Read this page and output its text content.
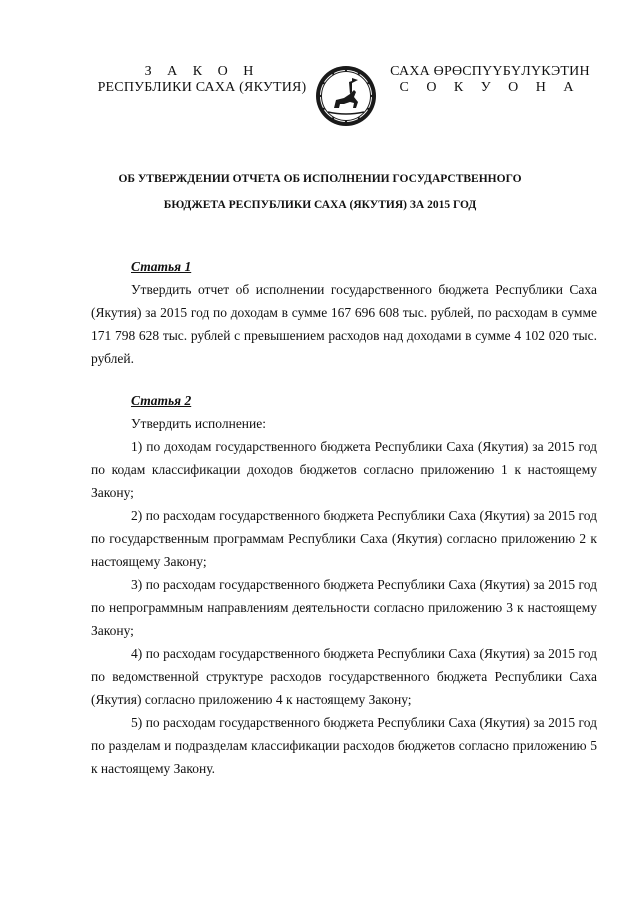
З А К О Н
РЕСПУБЛИКИ САХА (ЯКУТИЯ)
САХА ӨРӨСПҮҮБҮЛҮКЭТИН
С О К У О Н А
ОБ УТВЕРЖДЕНИИ ОТЧЕТА ОБ ИСПОЛНЕНИИ ГОСУДАРСТВЕННОГО
БЮДЖЕТА РЕСПУБЛИКИ САХА (ЯКУТИЯ) ЗА 2015 ГОД
Статья 1

Утвердить отчет об исполнении государственного бюджета Республики Саха (Якутия) за 2015 год по доходам в сумме 167 696 608 тыс. рублей, по расходам в сумме 171 798 628 тыс. рублей с превышением расходов над доходами в сумме 4 102 020 тыс. рублей.

Статья 2

Утвердить исполнение:

1) по доходам государственного бюджета Республики Саха (Якутия) за 2015 год по кодам классификации доходов бюджетов согласно приложению 1 к настоящему Закону;

2) по расходам государственного бюджета Республики Саха (Якутия) за 2015 год по государственным программам Республики Саха (Якутия) согласно приложению 2 к настоящему Закону;

3) по расходам государственного бюджета Республики Саха (Якутия) за 2015 год по непрограммным направлениям деятельности согласно приложению 3 к настоящему Закону;

4) по расходам государственного бюджета Республики Саха (Якутия) за 2015 год по ведомственной структуре расходов государственного бюджета Республики Саха (Якутия) согласно приложению 4 к настоящему Закону;

5) по расходам государственного бюджета Республики Саха (Якутия) за 2015 год по разделам и подразделам классификации расходов бюджетов согласно приложению 5 к настоящему Закону.
